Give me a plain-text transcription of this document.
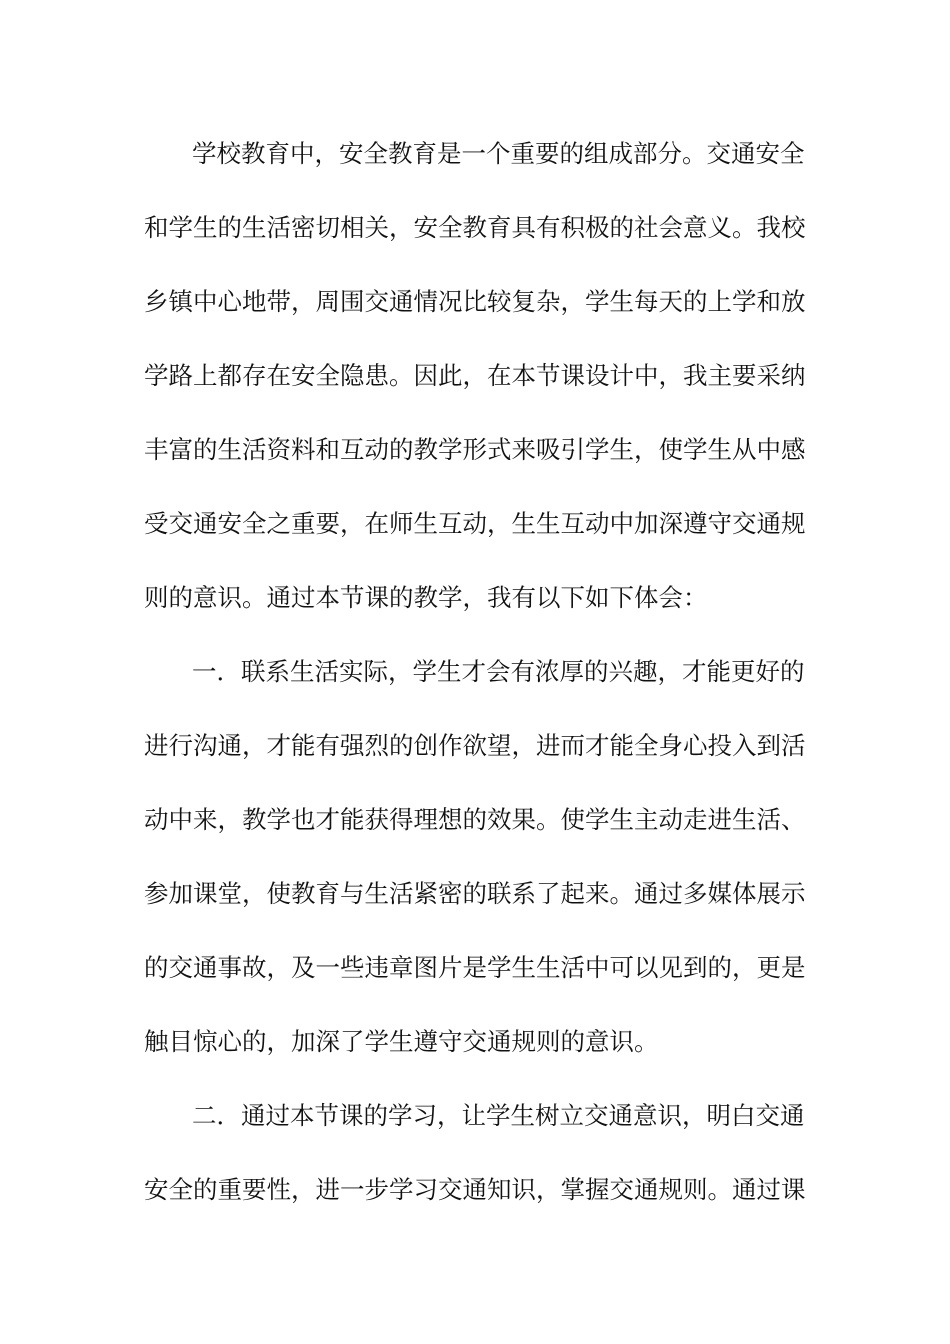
学校教育中，安全教育是一个重要的组成部分。交通安全
和学生的生活密切相关，安全教育具有积极的社会意义。我校
乡镇中心地带，周围交通情况比较复杂，学生每天的上学和放
学路上都存在安全隐患。因此，在本节课设计中，我主要采纳
丰富的生活资料和互动的教学形式来吸引学生，使学生从中感
受交通安全之重要，在师生互动，生生互动中加深遵守交通规
则的意识。通过本节课的教学，我有以下如下体会：
一．联系生活实际，学生才会有浓厚的兴趣，才能更好的
进行沟通，才能有强烈的创作欲望，进而才能全身心投入到活
动中来，教学也才能获得理想的效果。使学生主动走进生活、
参加课堂，使教育与生活紧密的联系了起来。通过多媒体展示
的交通事故，及一些违章图片是学生生活中可以见到的，更是
触目惊心的，加深了学生遵守交通规则的意识。
二．通过本节课的学习，让学生树立交通意识，明白交通
安全的重要性，进一步学习交通知识，掌握交通规则。通过课
